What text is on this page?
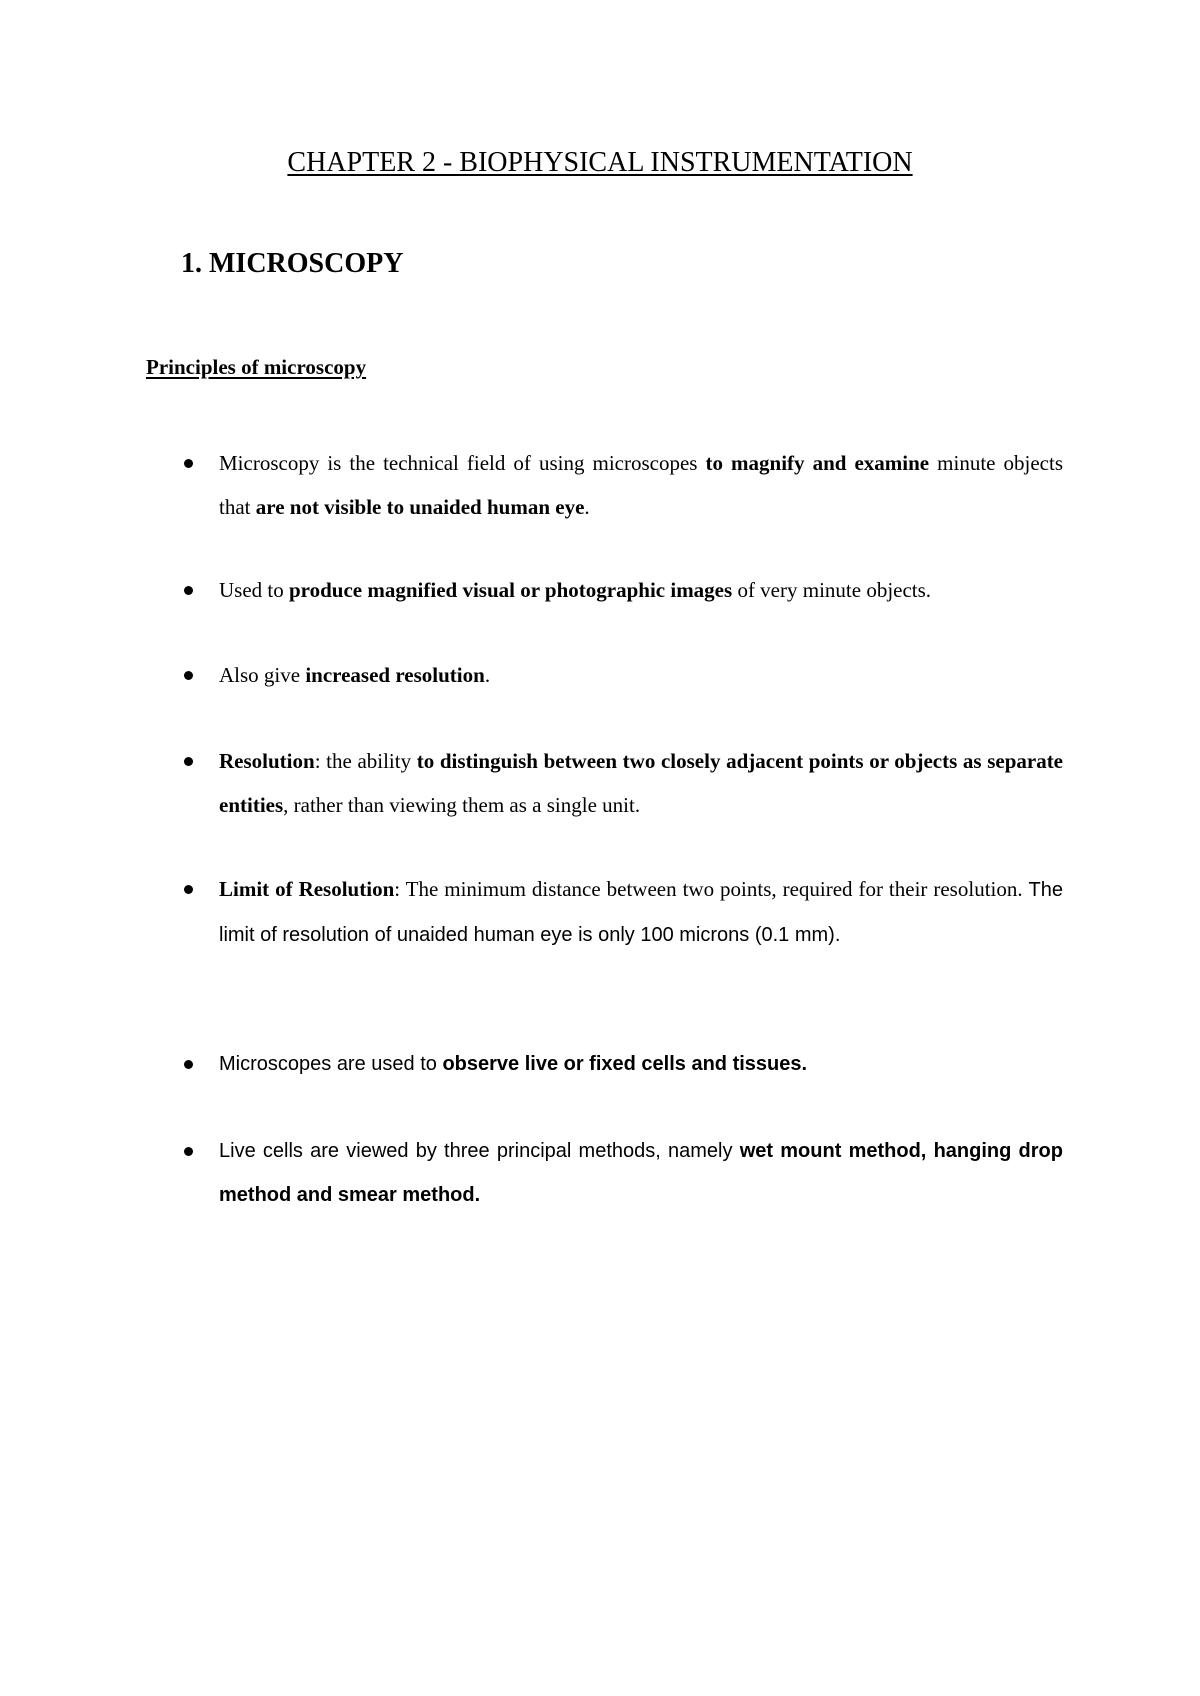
CHAPTER 2 - BIOPHYSICAL INSTRUMENTATION
1. MICROSCOPY
Principles of microscopy
Microscopy is the technical field of using microscopes to magnify and examine minute objects that are not visible to unaided human eye.
Used to produce magnified visual or photographic images of very minute objects.
Also give increased resolution.
Resolution: the ability to distinguish between two closely adjacent points or objects as separate entities, rather than viewing them as a single unit.
Limit of Resolution: The minimum distance between two points, required for their resolution. The limit of resolution of unaided human eye is only 100 microns (0.1 mm).
Microscopes are used to observe live or fixed cells and tissues.
Live cells are viewed by three principal methods, namely wet mount method, hanging drop method and smear method.
